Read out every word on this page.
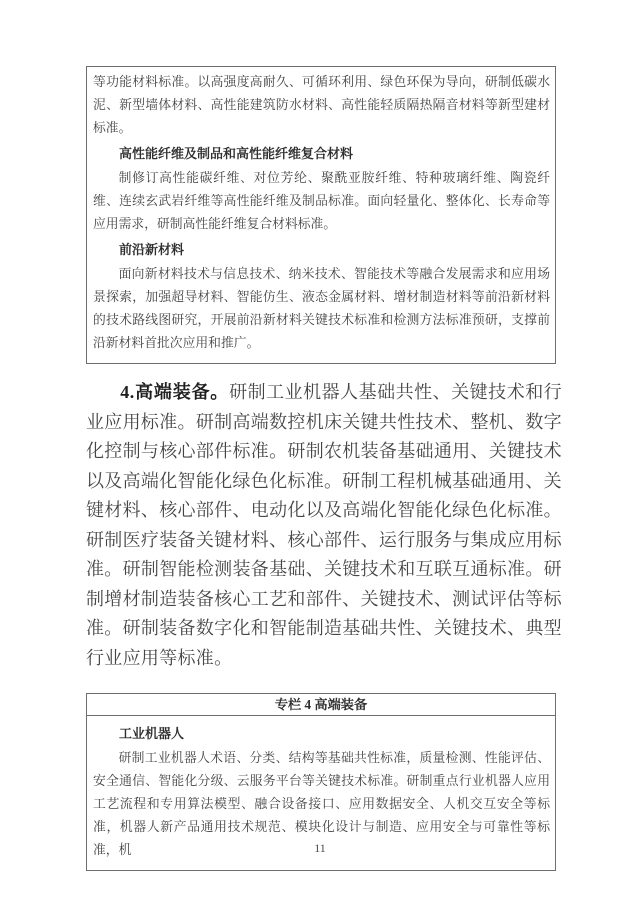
等功能材料标准。以高强度高耐久、可循环利用、绿色环保为导向，研制低碳水泥、新型墙体材料、高性能建筑防水材料、高性能轻质隔热隔音材料等新型建材标准。

高性能纤维及制品和高性能纤维复合材料

制修订高性能碳纤维、对位芳纶、聚酰亚胺纤维、特种玻璃纤维、陶瓷纤维、连续玄武岩纤维等高性能纤维及制品标准。面向轻量化、整体化、长寿命等应用需求，研制高性能纤维复合材料标准。

前沿新材料

面向新材料技术与信息技术、纳米技术、智能技术等融合发展需求和应用场景探索，加强超导材料、智能仿生、液态金属材料、增材制造材料等前沿新材料的技术路线图研究，开展前沿新材料关键技术标准和检测方法标准预研，支撑前沿新材料首批次应用和推广。

4.高端装备。研制工业机器人基础共性、关键技术和行业应用标准。研制高端数控机床关键共性技术、整机、数字化控制与核心部件标准。研制农机装备基础通用、关键技术以及高端化智能化绿色化标准。研制工程机械基础通用、关键材料、核心部件、电动化以及高端化智能化绿色化标准。研制医疗装备关键材料、核心部件、运行服务与集成应用标准。研制智能检测装备基础、关键技术和互联互通标准。研制增材制造装备核心工艺和部件、关键技术、测试评估等标准。研制装备数字化和智能制造基础共性、关键技术、典型行业应用等标准。

专栏 4 高端装备
工业机器人

研制工业机器人术语、分类、结构等基础共性标准，质量检测、性能评估、安全通信、智能化分级、云服务平台等关键技术标准。研制重点行业机器人应用工艺流程和专用算法模型、融合设备接口、应用数据安全、人机交互安全等标准，机器人新产品通用技术规范、模块化设计与制造、应用安全与可靠性等标准，机	11
